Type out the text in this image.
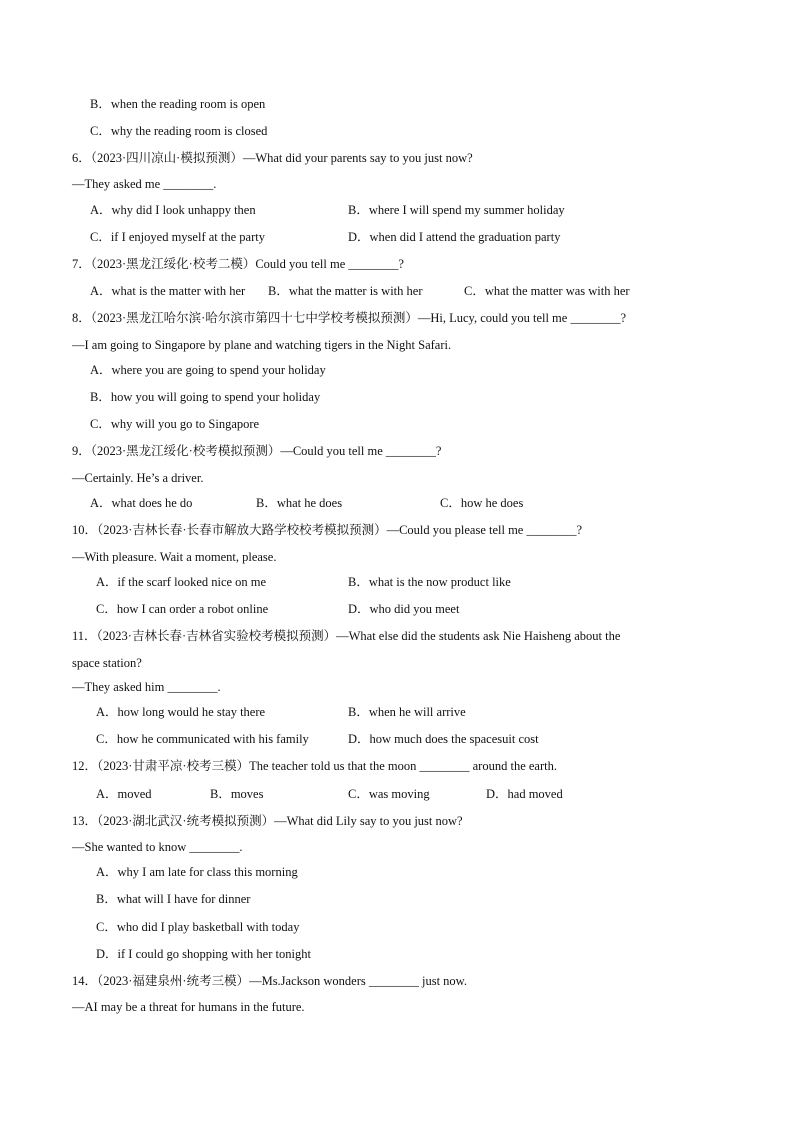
B．when the reading room is open
C．why the reading room is closed
6．（2023·四川凉山·模拟预测）—What did your parents say to you just now?
—They asked me ________.
A．why did I look unhappy then	B．where I will spend my summer holiday
C．if I enjoyed myself at the party	D．when did I attend the graduation party
7．（2023·黑龙江绥化·校考二模）Could you tell me ________?
A．what is the matter with her B．what the matter is with her	C．what the matter was with her
8．（2023·黑龙江哈尔滨·哈尔滨市第四十七中学校考模拟预测）—Hi, Lucy, could you tell me ________?
—I am going to Singapore by plane and watching tigers in the Night Safari.
A．where you are going to spend your holiday
B．how you will going to spend your holiday
C．why will you go to Singapore
9．（2023·黑龙江绥化·校考模拟预测）—Could you tell me ________?
—Certainly. He’s a driver.
A．what does he do	B．what he does	C．how he does
10．（2023·吉林长春·长春市解放大路学校校考模拟预测）—Could you please tell me ________?
—With pleasure. Wait a moment, please.
A．if the scarf looked nice on me	B．what is the now product like
C．how I can order a robot online	D．who did you meet
11．（2023·吉林长春·吉林省实验校考模拟预测）—What else did the students ask Nie Haisheng about the
space station?
—They asked him ________.
A．how long would he stay there	B．when he will arrive
C．how he communicated with his family	D．how much does the spacesuit cost
12．（2023·甘肃平凉·校考三模）The teacher told us that the moon ________ around the earth.
A．moved	B．moves	C．was moving	D．had moved
13．（2023·湖北武汉·统考模拟预测）—What did Lily say to you just now?
—She wanted to know ________.
A．why I am late for class this morning
B．what will I have for dinner
C．who did I play basketball with today
D．if I could go shopping with her tonight
14．（2023·福建泉州·统考三模）—Ms.Jackson wonders ________ just now.
—AI may be a threat for humans in the future.
